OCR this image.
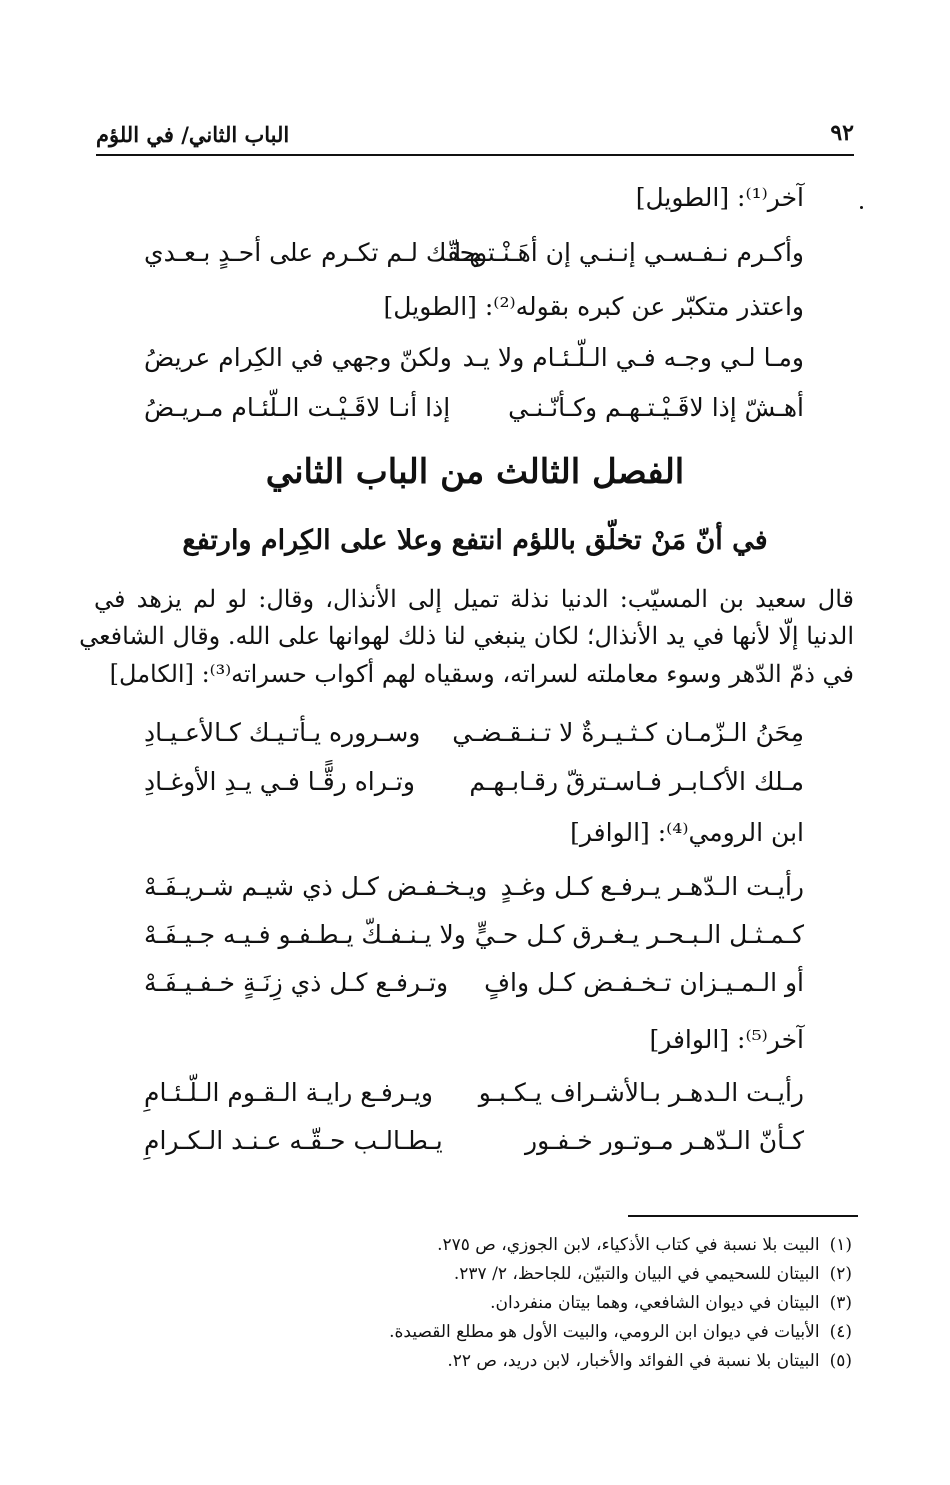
٩٢
الباب الثاني/ في اللؤم
آخر⁽¹⁾: [الطويل]
وأكـرم نـفـسـي إنـنـي إن أهَـنْـتـهـا
وحقّك لـم تكـرم على أحـدٍ بـعـدي
واعتذر متكبّر عن كبره بقوله⁽²⁾: [الطويل]
ومـا لـي وجـه فـي الـلّـئـام ولا يـد
ولكنّ وجهي في الكِرام عريضُ
أهـشّ إذا لاقَـيْـتـهـم وكـأنّـنـي
إذا أنـا لاقَـيْـت الـلّئـام مـريـضُ
الفصل الثالث من الباب الثاني
في أنّ مَنْ تخلّق باللؤم انتفع وعلا على الكِرام وارتفع
قال سعيد بن المسيّب: الدنيا نذلة تميل إلى الأنذال، وقال: لو لم يزهد في
الدنيا إلّا لأنها في يد الأنذال؛ لكان ينبغي لنا ذلك لهوانها على الله. وقال الشافعي
في ذمّ الدّهر وسوء معاملته لسراته، وسقياه لهم أكواب حسراته⁽³⁾: [الكامل]
مِحَنُ الـزّمـان كـثـيـرةٌ لا تـنـقـضـي
وسـروره يـأتـيـك كـالأعـيـادِ
مـلك الأكـابـر فـاسـترقّ رقـابـهـم
وتـراه رقًّـا فـي يـدِ الأوغـادِ
ابن الرومي⁽⁴⁾: [الوافر]
رأيـت الـدّهـر يـرفـع كـل وغـدٍ
ويـخـفـض كـل ذي شيـم شـريـفَـهْ
كـمـثـل الـبـحـر يـغـرق كـل حـيٍّ
ولا يـنـفـكّ يـطـفـو فـيـه جـيـفَـهْ
أو الـمـيـزان تـخـفـض كـل وافٍ
وتـرفـع كـل ذي زِنَـةٍ خـفـيـفَـهْ
آخر⁽⁵⁾: [الوافر]
رأيـت الـدهـر بـالأشـراف يـكـبـو
ويـرفـع رايـة الـقـوم الـلّـئـامِ
كـأنّ الـدّهـر مـوتـور خـفـور
يـطـالـب حـقّـه عـنـد الـكـرامِ
(١)البيت بلا نسبة في كتاب الأذكياء، لابن الجوزي، ص ٢٧٥.
(٢)البيتان للسحيمي في البيان والتبيّن، للجاحظ، ٢/ ٢٣٧.
(٣)البيتان في ديوان الشافعي، وهما بيتان منفردان.
(٤)الأبيات في ديوان ابن الرومي، والبيت الأول هو مطلع القصيدة.
(٥)البيتان بلا نسبة في الفوائد والأخبار، لابن دريد، ص ٢٢.
